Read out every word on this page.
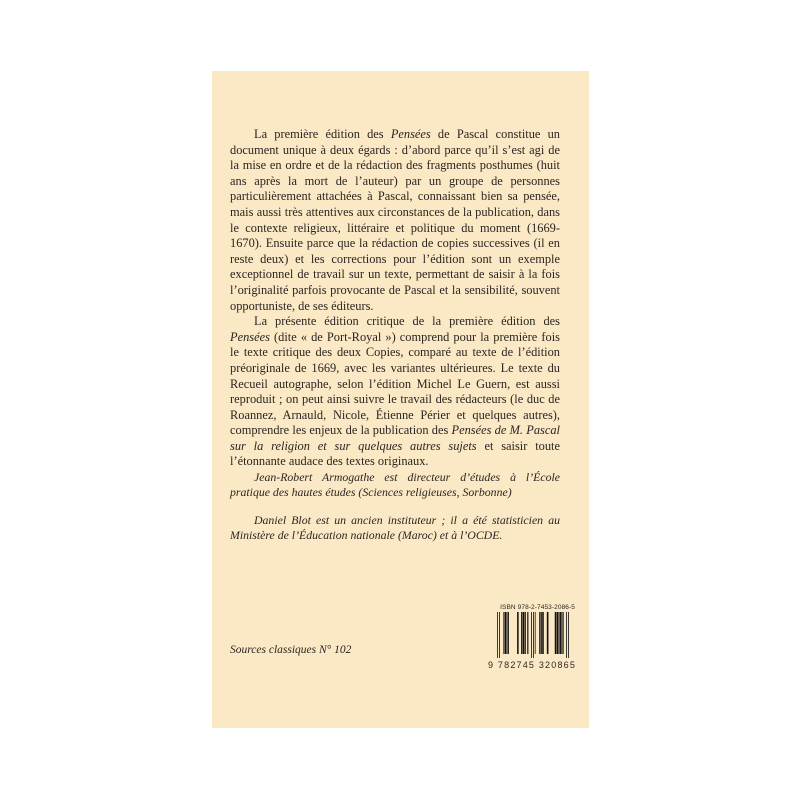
La première édition des Pensées de Pascal constitue un document unique à deux égards : d’abord parce qu’il s’est agi de la mise en ordre et de la rédaction des fragments posthumes (huit ans après la mort de l’auteur) par un groupe de personnes particulièrement attachées à Pascal, connaissant bien sa pensée, mais aussi très attentives aux circonstances de la publication, dans le contexte religieux, littéraire et politique du moment (1669-1670). Ensuite parce que la rédaction de copies successives (il en reste deux) et les corrections pour l’édition sont un exemple exceptionnel de travail sur un texte, permettant de saisir à la fois l’originalité parfois provocante de Pascal et la sensibilité, souvent opportuniste, de ses éditeurs.

La présente édition critique de la première édition des Pensées (dite « de Port-Royal ») comprend pour la première fois le texte critique des deux Copies, comparé au texte de l’édition préoriginale de 1669, avec les variantes ultérieures. Le texte du Recueil autographe, selon l’édition Michel Le Guern, est aussi reproduit ; on peut ainsi suivre le travail des rédacteurs (le duc de Roannez, Arnauld, Nicole, Étienne Périer et quelques autres), comprendre les enjeux de la publication des Pensées de M. Pascal sur la religion et sur quelques autres sujets et saisir toute l’étonnante audace des textes originaux.

Jean-Robert Armogathe est directeur d’études à l’École pratique des hautes études (Sciences religieuses, Sorbonne)

Daniel Blot est un ancien instituteur ; il a été statisticien au Ministère de l’Éducation nationale (Maroc) et à l’OCDE.

Sources classiques N° 102
ISBN 978-2-7453-2086-5
9 782745 320865
